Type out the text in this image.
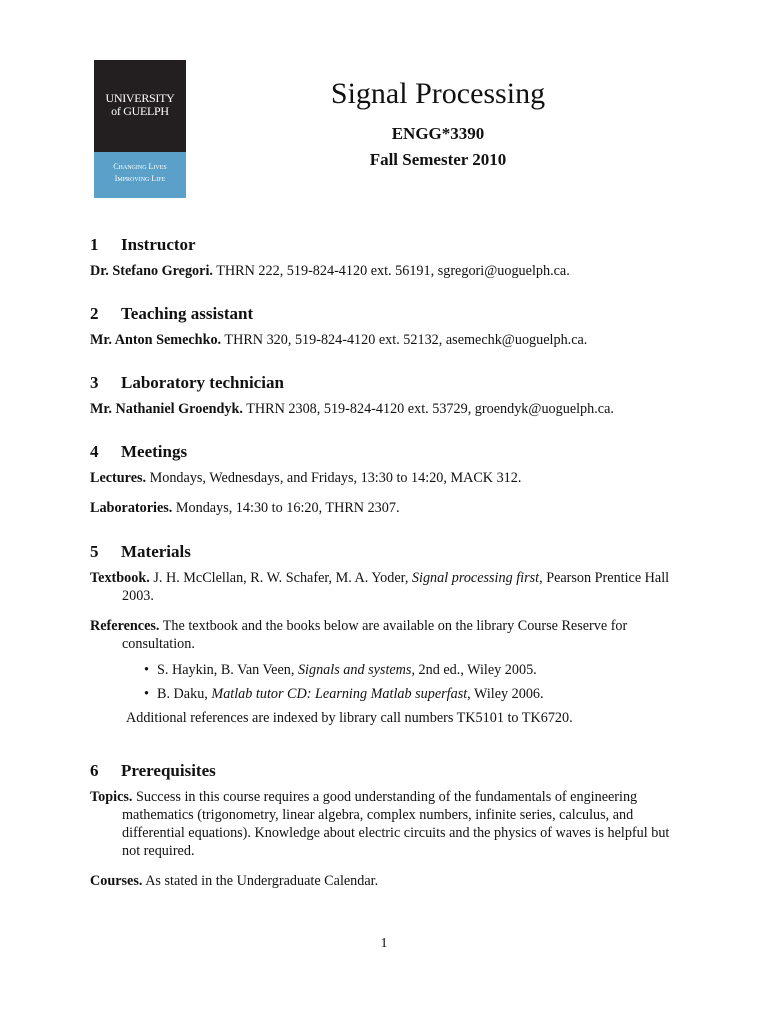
UNIVERSITY
of GUELPH
Changing Lives
Improving Life
Signal Processing
ENGG*3390
Fall Semester 2010
1	Instructor
Dr. Stefano Gregori. THRN 222, 519-824-4120 ext. 56191, sgregori@uoguelph.ca.
2	Teaching assistant
Mr. Anton Semechko. THRN 320, 519-824-4120 ext. 52132, asemechk@uoguelph.ca.
3	Laboratory technician
Mr. Nathaniel Groendyk. THRN 2308, 519-824-4120 ext. 53729, groendyk@uoguelph.ca.
4	Meetings
Lectures. Mondays, Wednesdays, and Fridays, 13:30 to 14:20, MACK 312.
Laboratories. Mondays, 14:30 to 16:20, THRN 2307.
5	Materials
Textbook. J. H. McClellan, R. W. Schafer, M. A. Yoder, Signal processing first, Pearson Prentice Hall 2003.
References. The textbook and the books below are available on the library Course Reserve for consultation.
• S. Haykin, B. Van Veen, Signals and systems, 2nd ed., Wiley 2005.
• B. Daku, Matlab tutor CD: Learning Matlab superfast, Wiley 2006.
Additional references are indexed by library call numbers TK5101 to TK6720.
6	Prerequisites
Topics. Success in this course requires a good understanding of the fundamentals of engineering mathematics (trigonometry, linear algebra, complex numbers, infinite series, calculus, and differential equations). Knowledge about electric circuits and the physics of waves is helpful but not required.
Courses. As stated in the Undergraduate Calendar.
1
